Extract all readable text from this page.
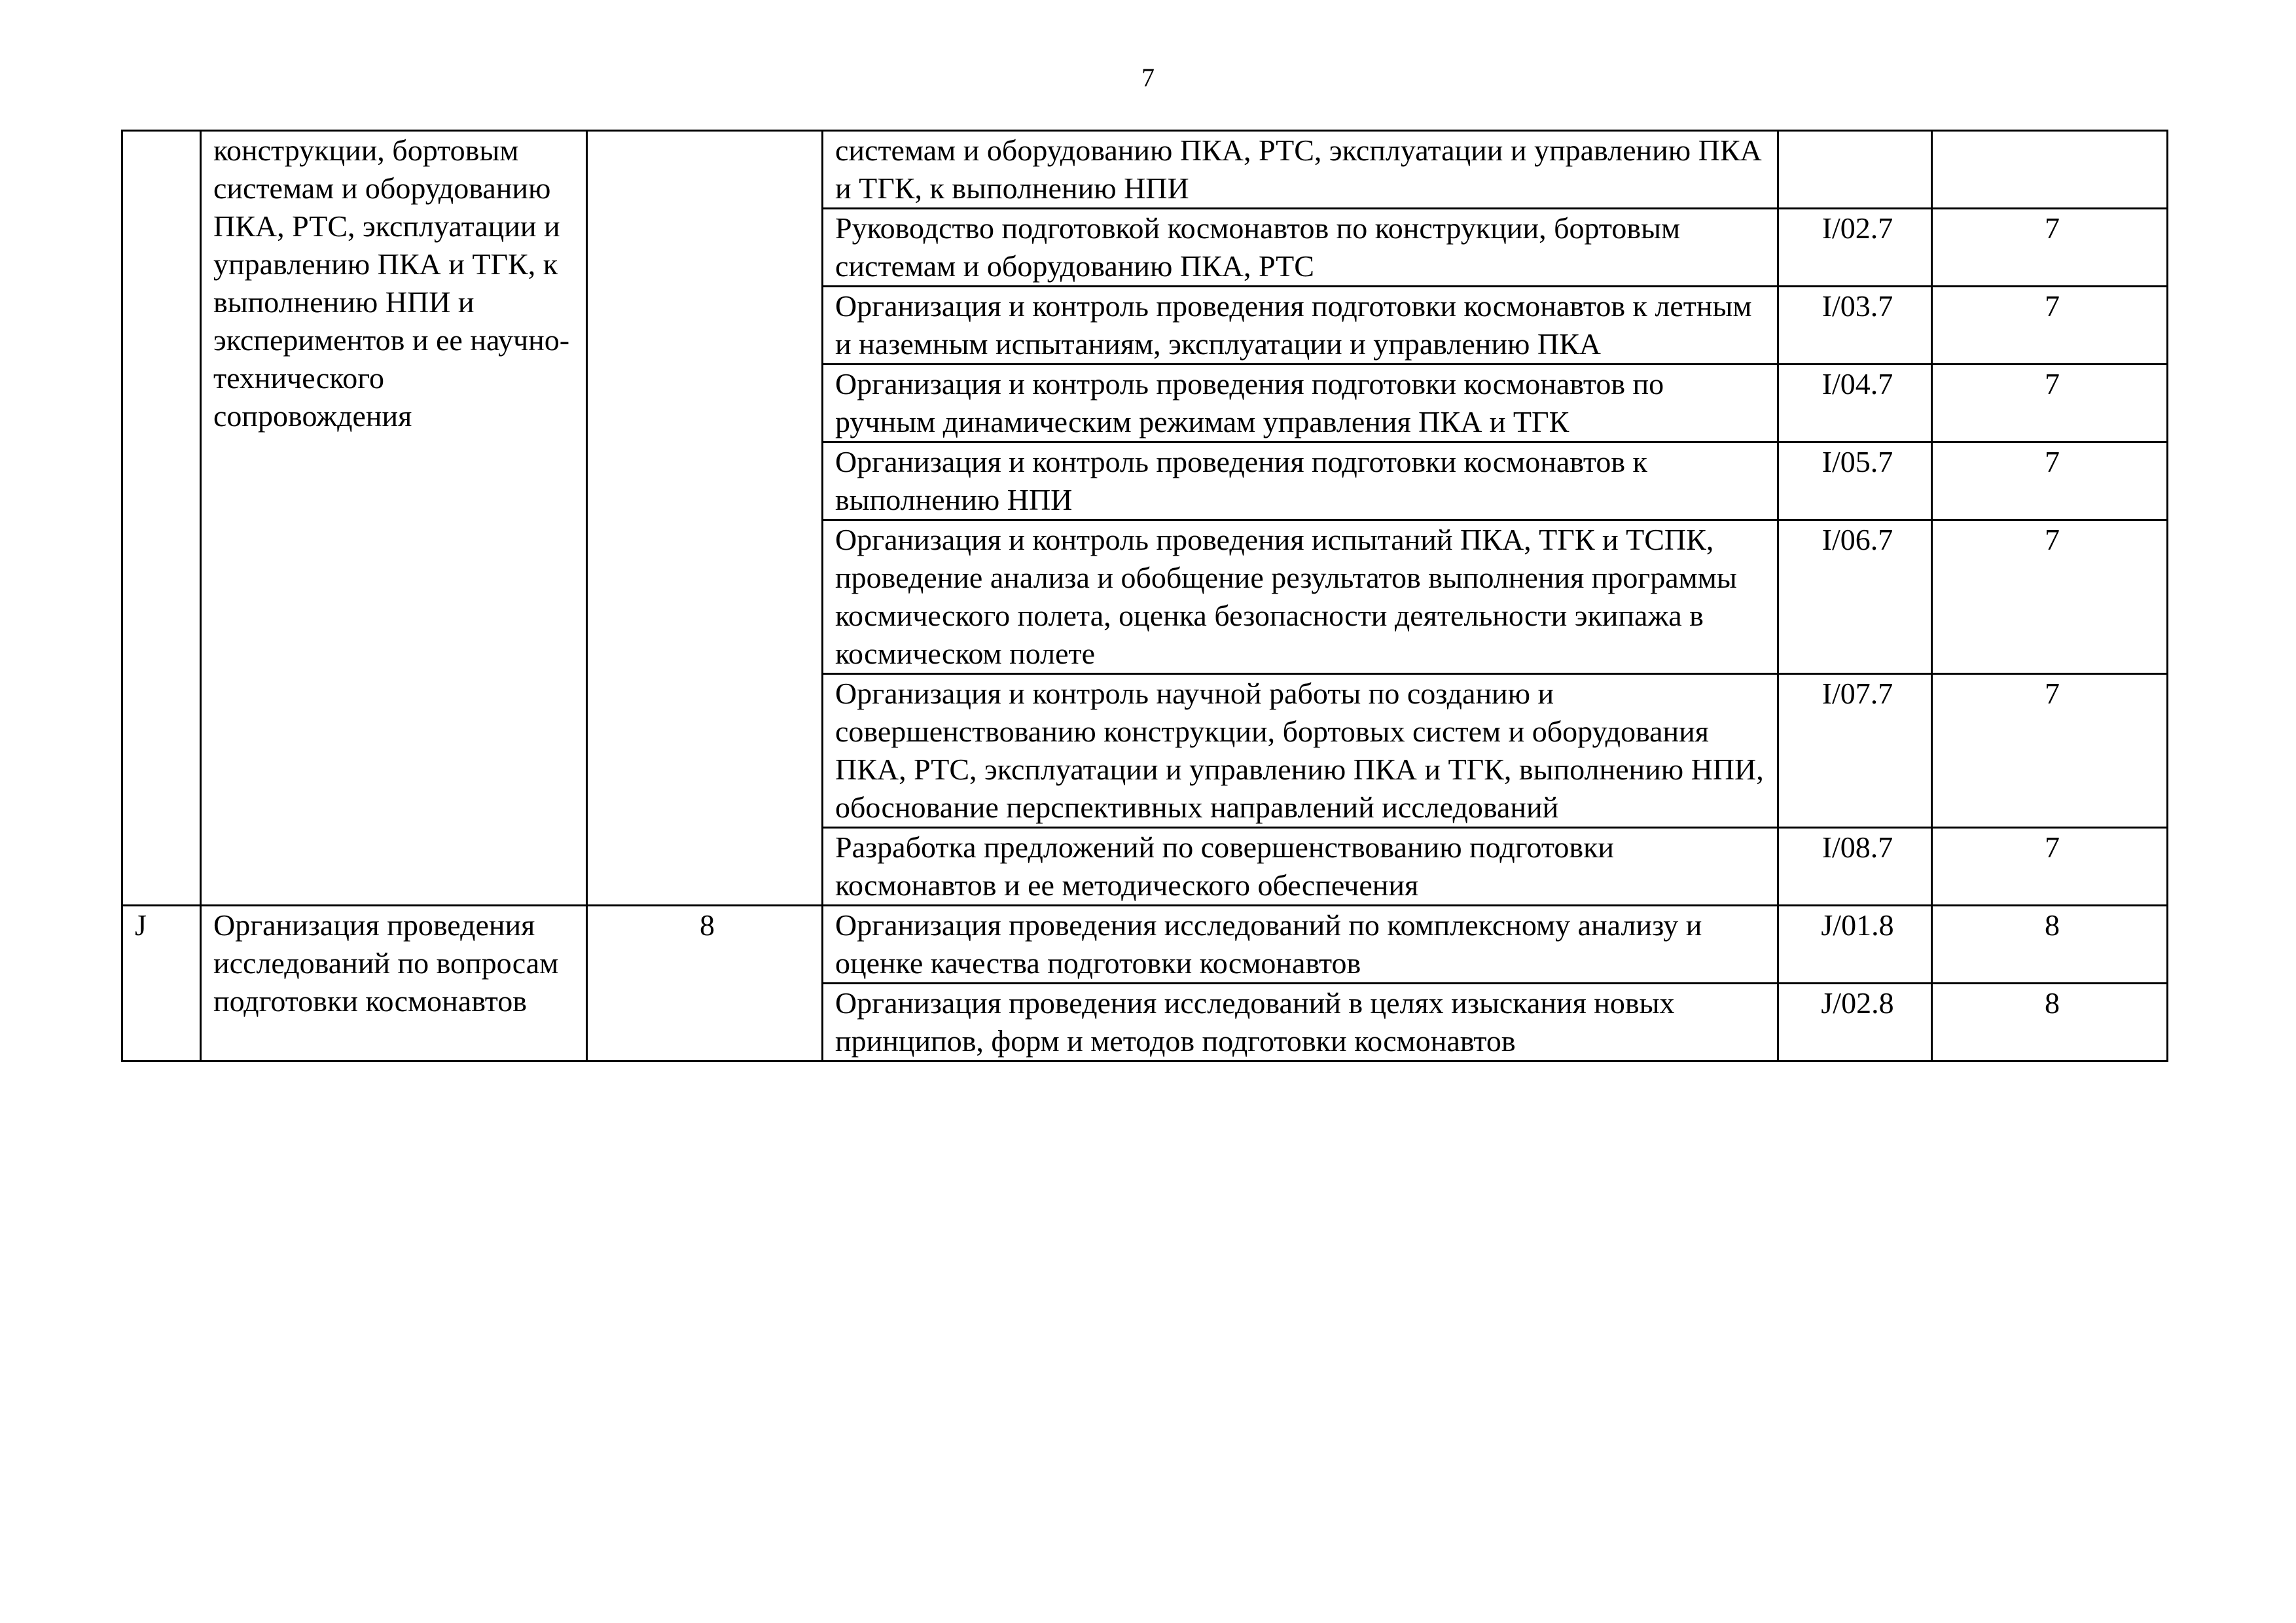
7
	конструкции, бортовым системам и оборудованию ПКА, РТС, эксплуатации и управлению ПКА и ТГК, к выполнению НПИ и экспериментов и ее научно-технического сопровождения		системам и оборудованию ПКА, РТС, эксплуатации и управлению ПКА и ТГК, к выполнению НПИ		
			Руководство подготовкой космонавтов по конструкции, бортовым системам и оборудованию ПКА, РТС	I/02.7	7
			Организация и контроль проведения подготовки космонавтов к летным и наземным испытаниям, эксплуатации и управлению ПКА	I/03.7	7
			Организация и контроль проведения подготовки космонавтов по ручным динамическим режимам управления ПКА и ТГК	I/04.7	7
			Организация и контроль проведения подготовки космонавтов к выполнению НПИ	I/05.7	7
			Организация и контроль проведения испытаний ПКА, ТГК и ТСПК, проведение анализа и обобщение результатов выполнения программы космического полета, оценка безопасности деятельности экипажа в космическом полете	I/06.7	7
			Организация и контроль научной работы по созданию и совершенствованию конструкции, бортовых систем и оборудования ПКА, РТС, эксплуатации и управлению ПКА и ТГК, выполнению НПИ, обоснование перспективных направлений исследований	I/07.7	7
			Разработка предложений по совершенствованию подготовки космонавтов и ее методического обеспечения	I/08.7	7
J	Организация проведения исследований по вопросам подготовки космонавтов	8	Организация проведения исследований по комплексному анализу и оценке качества подготовки космонавтов	J/01.8	8
			Организация проведения исследований в целях изыскания новых принципов, форм и методов подготовки космонавтов	J/02.8	8
